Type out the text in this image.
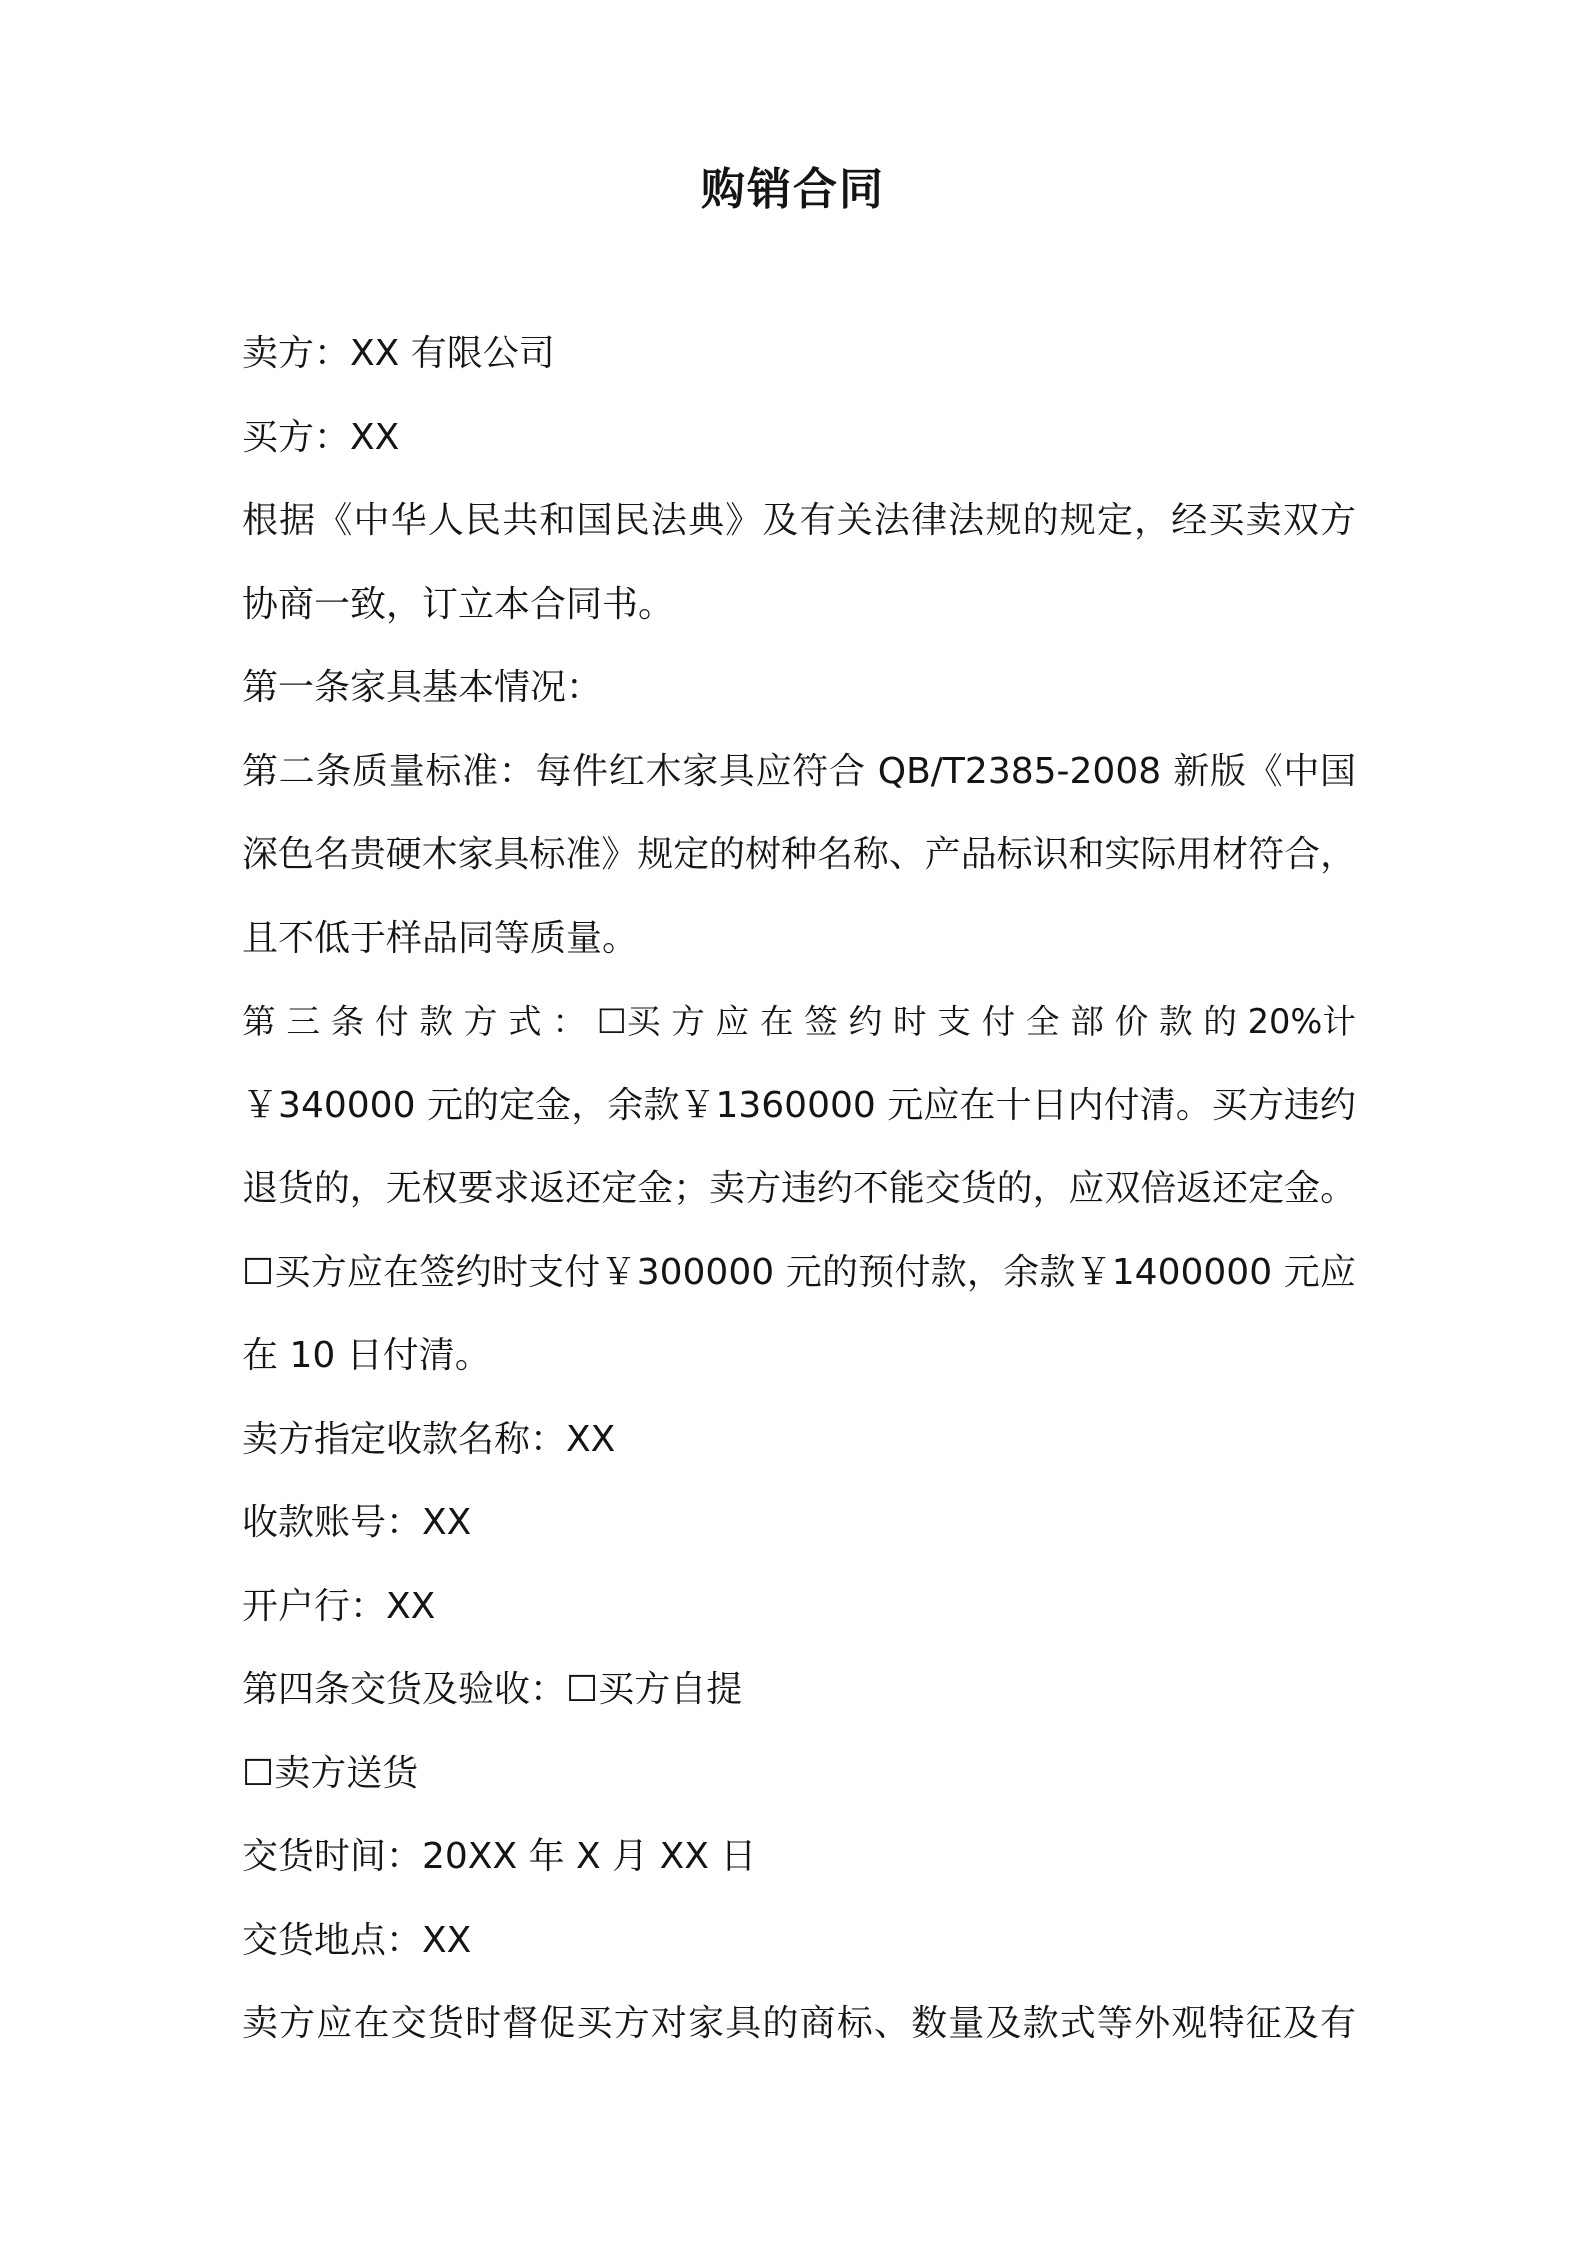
购销合同
卖方：XX 有限公司
买方：XX
根据《中华人民共和国民法典》及有关法律法规的规定，经买卖双方
协商一致，订立本合同书。
第一条家具基本情况：
第二条质量标准：每件红木家具应符合 QB/T2385-2008 新版《中国
深色名贵硬木家具标准》规定的树种名称、产品标识和实际用材符合，
且不低于样品同等质量。
第 三 条 付 款 方 式 ： ☐买 方 应 在 签 约 时 支 付 全 部 价 款 的 20%计
￥340000 元的定金，余款￥1360000 元应在十日内付清。买方违约
退货的，无权要求返还定金；卖方违约不能交货的，应双倍返还定金。
☐买方应在签约时支付￥300000 元的预付款，余款￥1400000 元应
在 10 日付清。
卖方指定收款名称：XX
收款账号：XX
开户行：XX
第四条交货及验收：☐买方自提
☐卖方送货
交货时间：20XX 年 X 月 XX 日
交货地点：XX
卖方应在交货时督促买方对家具的商标、数量及款式等外观特征及有
